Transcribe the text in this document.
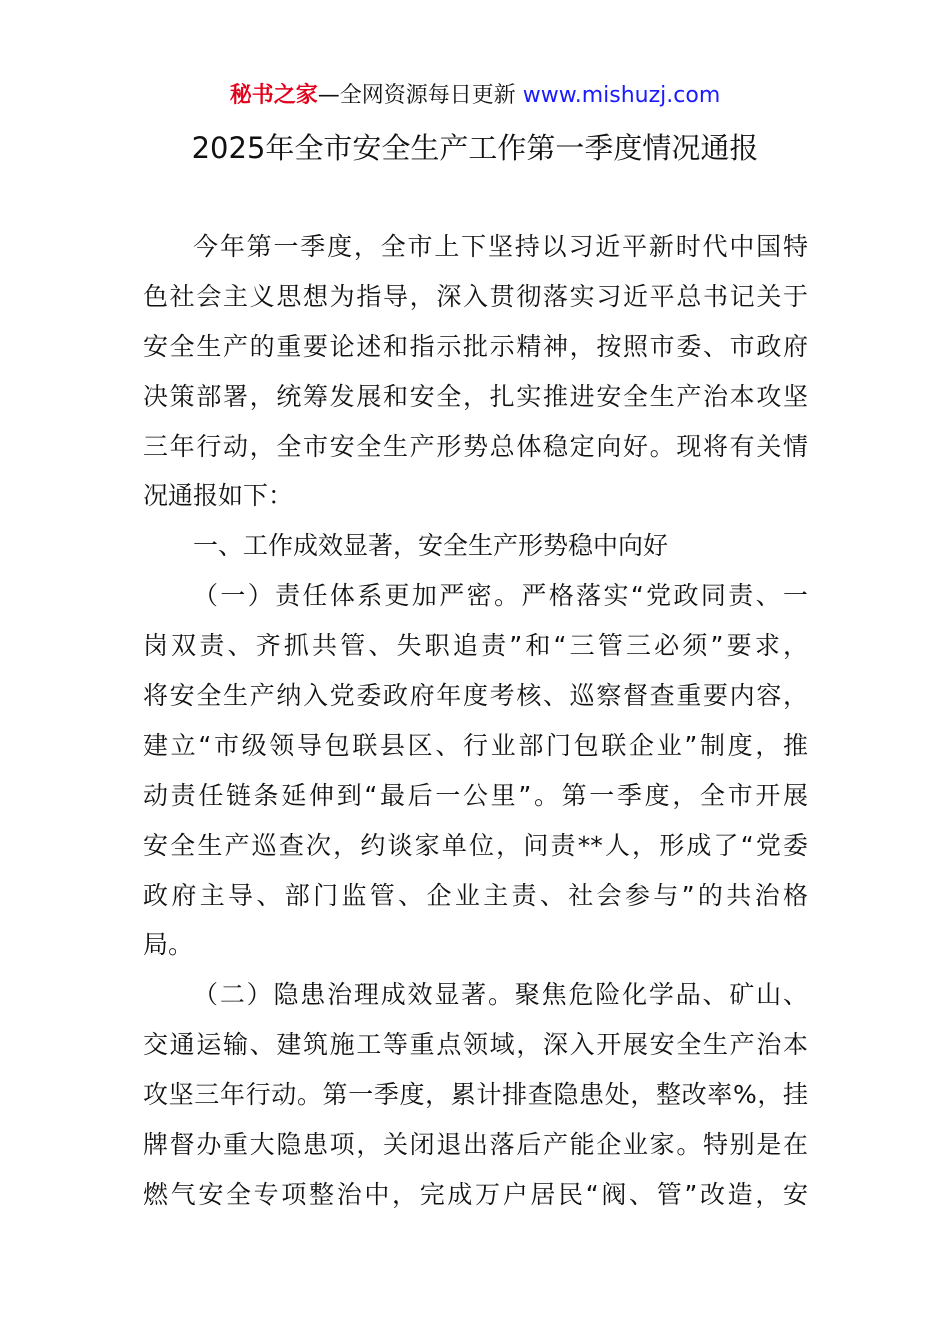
秘书之家—全网资源每日更新 www.mishuzj.com
2025年全市安全生产工作第一季度情况通报
今年第一季度，全市上下坚持以习近平新时代中国特
色社会主义思想为指导，深入贯彻落实习近平总书记关于
安全生产的重要论述和指示批示精神，按照市委、市政府
决策部署，统筹发展和安全，扎实推进安全生产治本攻坚
三年行动，全市安全生产形势总体稳定向好。现将有关情
况通报如下：
一、工作成效显著，安全生产形势稳中向好
（一）责任体系更加严密。严格落实“党政同责、一
岗双责、齐抓共管、失职追责”和“三管三必须”要求，
将安全生产纳入党委政府年度考核、巡察督查重要内容，
建立“市级领导包联县区、行业部门包联企业”制度，推
动责任链条延伸到“最后一公里”。第一季度，全市开展
安全生产巡查次，约谈家单位，问责**人，形成了“党委
政府主导、部门监管、企业主责、社会参与”的共治格
局。
（二）隐患治理成效显著。聚焦危险化学品、矿山、
交通运输、建筑施工等重点领域，深入开展安全生产治本
攻坚三年行动。第一季度，累计排查隐患处，整改率%，挂
牌督办重大隐患项，关闭退出落后产能企业家。特别是在
燃气安全专项整治中，完成万户居民“阀、管”改造，安
